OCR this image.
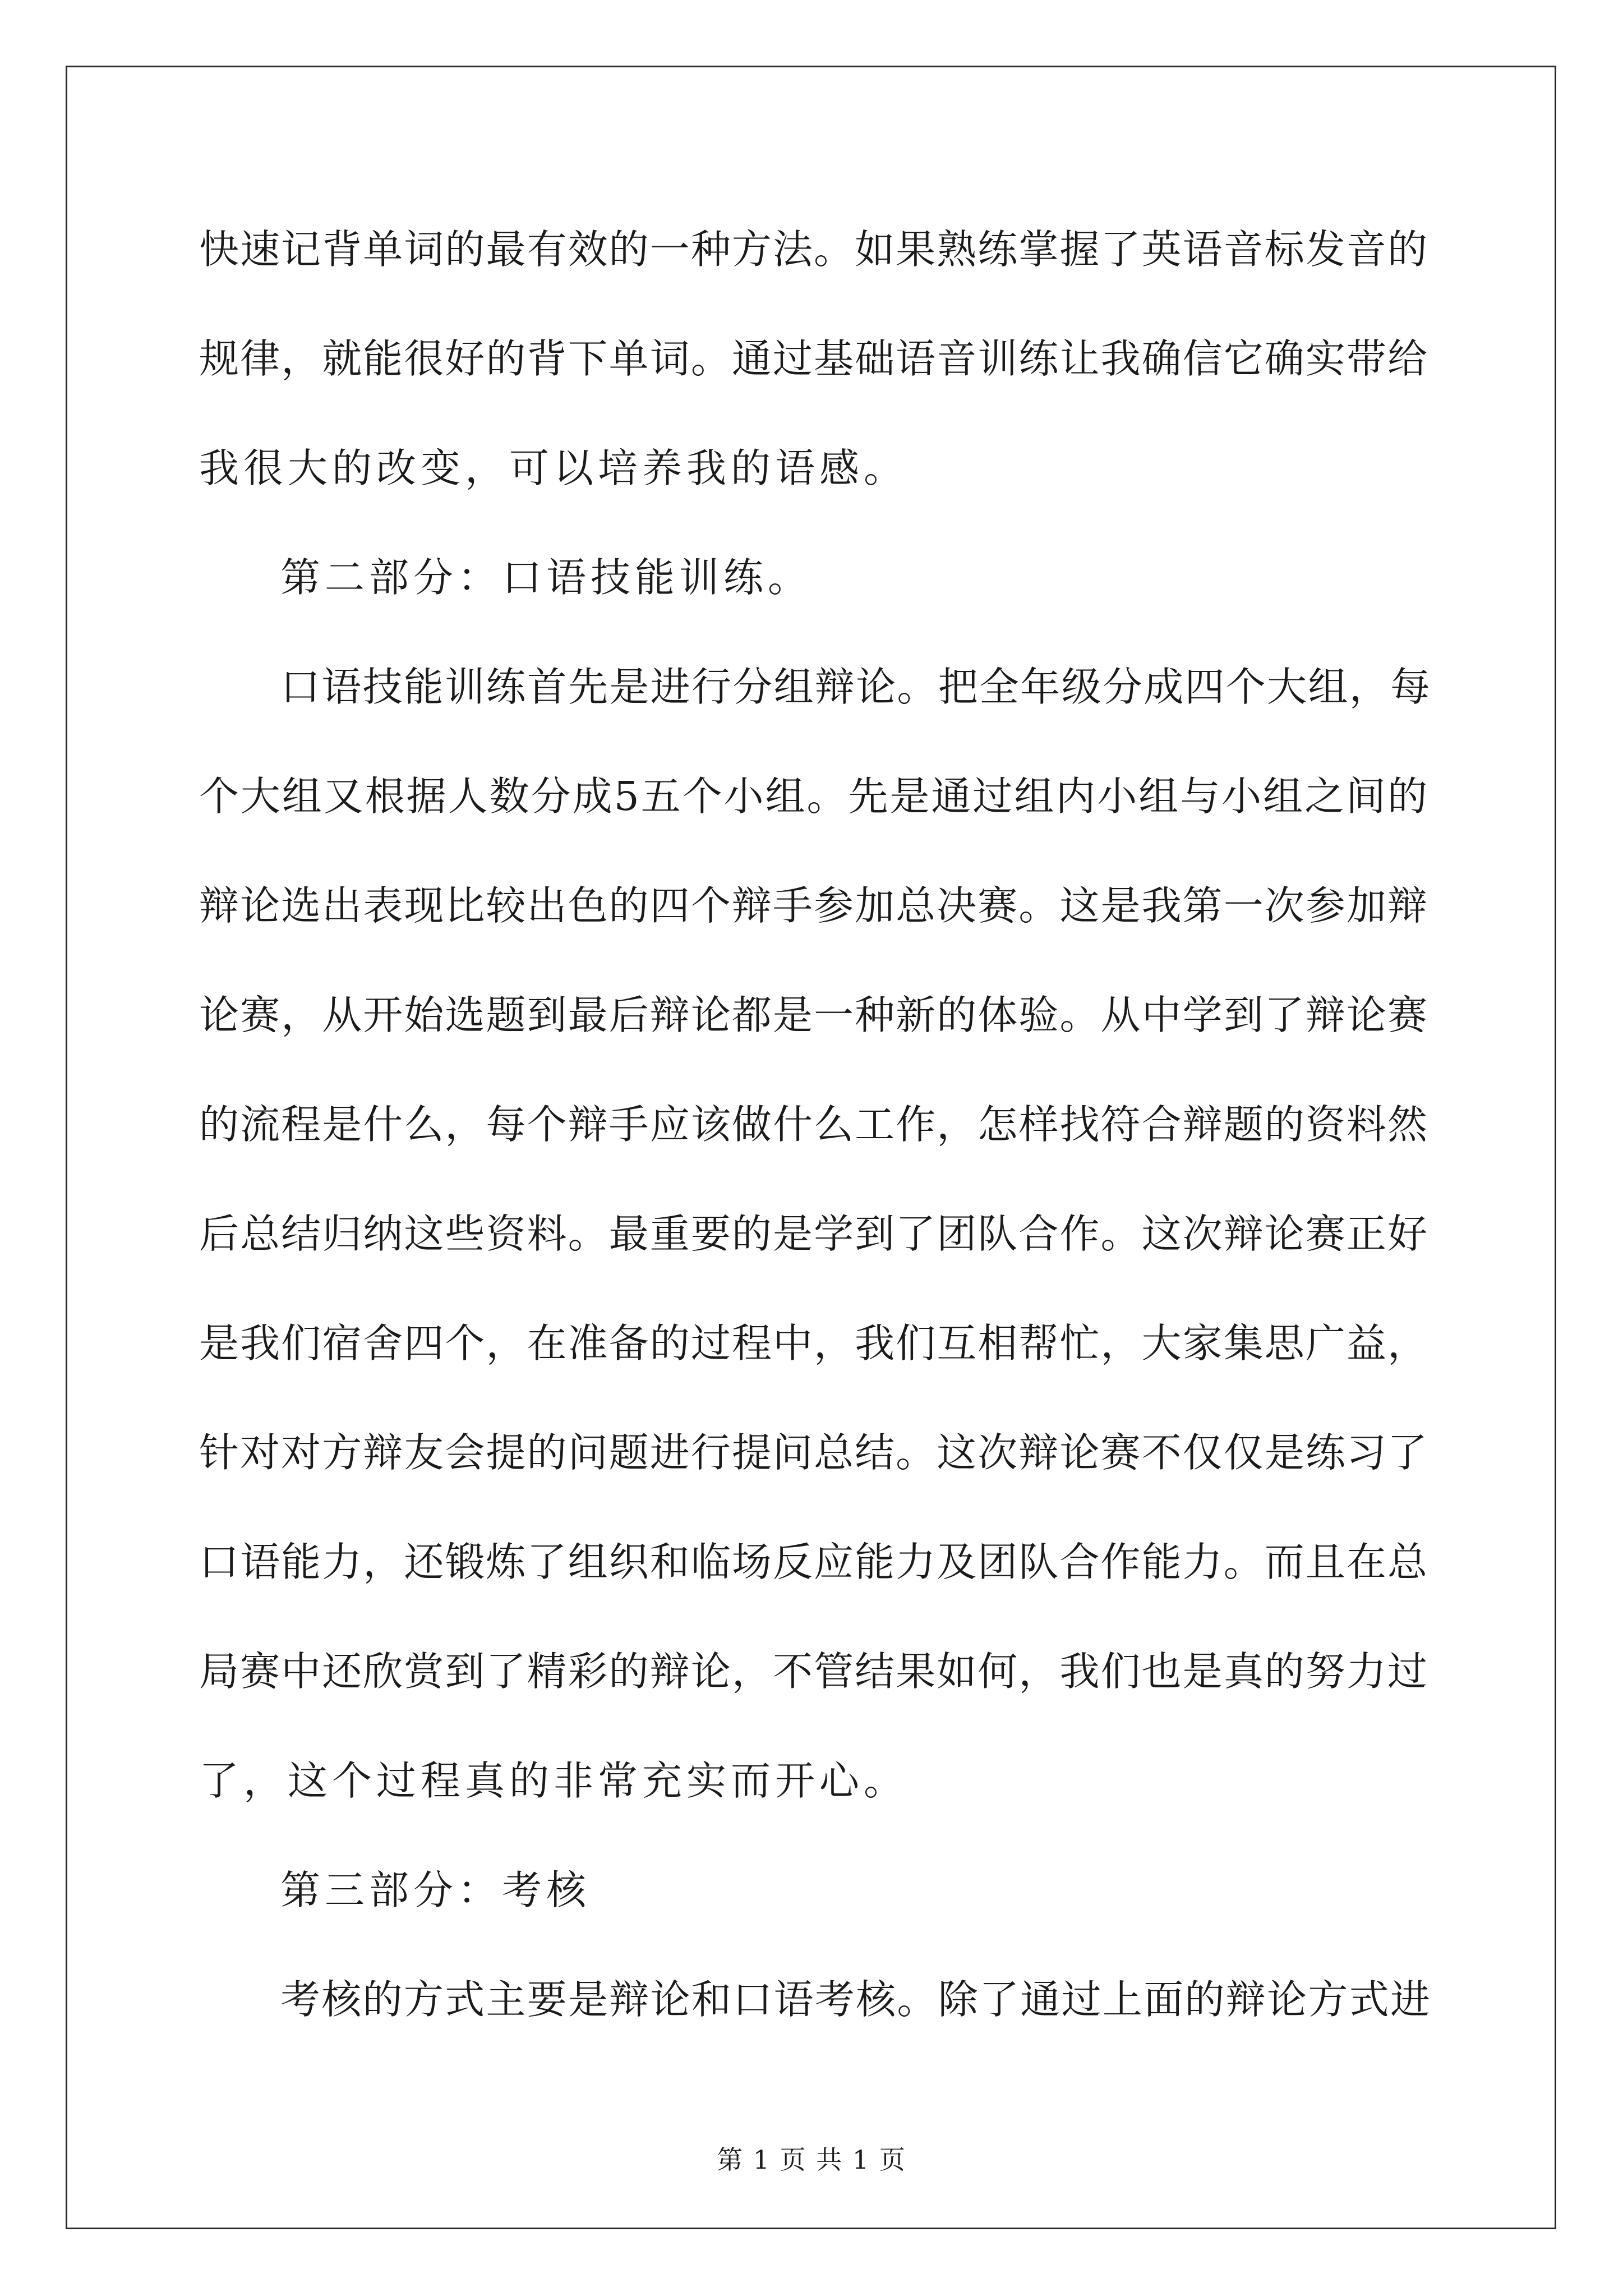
快速记背单词的最有效的一种方法。如果熟练掌握了英语音标发音的
规律，就能很好的背下单词。通过基础语音训练让我确信它确实带给
我很大的改变，可以培养我的语感。
第二部分：口语技能训练。
口语技能训练首先是进行分组辩论。把全年级分成四个大组，每
个大组又根据人数分成5五个小组。先是通过组内小组与小组之间的
辩论选出表现比较出色的四个辩手参加总决赛。这是我第一次参加辩
论赛，从开始选题到最后辩论都是一种新的体验。从中学到了辩论赛
的流程是什么，每个辩手应该做什么工作，怎样找符合辩题的资料然
后总结归纳这些资料。最重要的是学到了团队合作。这次辩论赛正好
是我们宿舍四个，在准备的过程中，我们互相帮忙，大家集思广益，
针对对方辩友会提的问题进行提问总结。这次辩论赛不仅仅是练习了
口语能力，还锻炼了组织和临场反应能力及团队合作能力。而且在总
局赛中还欣赏到了精彩的辩论，不管结果如何，我们也是真的努力过
了，这个过程真的非常充实而开心。
第三部分：考核
考核的方式主要是辩论和口语考核。除了通过上面的辩论方式进
第 1 页 共 1 页
